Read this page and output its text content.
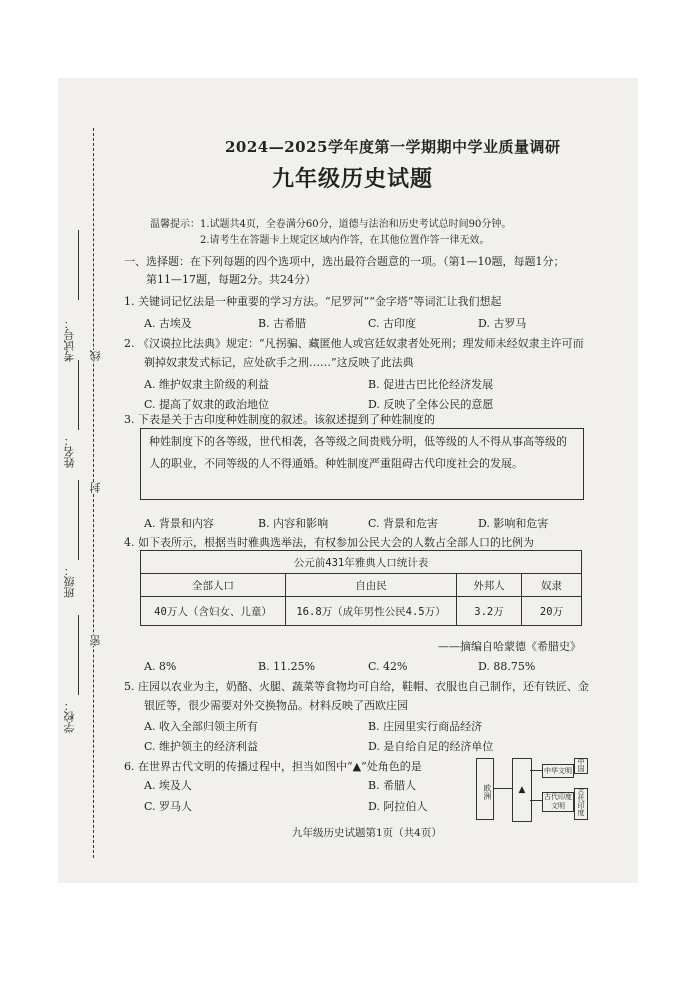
考试号：
姓名：
班级：
学校：
线
封
密
2024—2025学年度第一学期期中学业质量调研
九年级历史试题
温馨提示：1.试题共4页，全卷满分60分，道德与法治和历史考试总时间90分钟。
2.请考生在答题卡上规定区域内作答，在其他位置作答一律无效。
一、选择题：在下列每题的四个选项中，选出最符合题意的一项。（第1—10题，每题1分；
第11—17题，每题2分。共24分）
1. 关键词记忆法是一种重要的学习方法。“尼罗河”“金字塔”等词汇让我们想起
A. 古埃及	B. 古希腊	C. 古印度	D. 古罗马
2. 《汉谟拉比法典》规定：“凡拐骗、藏匿他人或宫廷奴隶者处死刑；理发师未经奴隶主许可而
剃掉奴隶发式标记，应处砍手之刑……”这反映了此法典
A. 维护奴隶主阶级的利益	B. 促进古巴比伦经济发展
C. 提高了奴隶的政治地位	D. 反映了全体公民的意愿
3. 下表是关于古印度种姓制度的叙述。该叙述提到了种姓制度的
种姓制度下的各等级，世代相袭，各等级之间贵贱分明，低等级的人不得从事高等级的人的职业，不同等级的人不得通婚。种姓制度严重阻碍古代印度社会的发展。
A. 背景和内容	B. 内容和影响	C. 背景和危害	D. 影响和危害
4. 如下表所示，根据当时雅典选举法，有权参加公民大会的人数占全部人口的比例为
公元前431年雅典人口统计表			
全部人口	自由民	外邦人	奴隶
40万人（含妇女、儿童）	16.8万（成年男性公民4.5万）	3.2万	20万
——摘编自哈蒙德《希腊史》
A. 8%	B. 11.25%	C. 42%	D. 88.75%
5. 庄园以农业为主，奶酪、火腿、蔬菜等食物均可自给，鞋帽、衣服也自己制作，还有铁匠、金
银匠等，很少需要对外交换物品。材料反映了西欧庄园
A. 收入全部归领主所有	B. 庄园里实行商品经济
C. 维护领主的经济利益	D. 是自给自足的经济单位
6. 在世界古代文明的传播过程中，担当如图中“▲”处角色的是
A. 埃及人	B. 希腊人
C. 罗马人	D. 阿拉伯人
欧洲	▲
中华文明
中国
古代印度文明
古代印度
九年级历史试题第1页（共4页）
